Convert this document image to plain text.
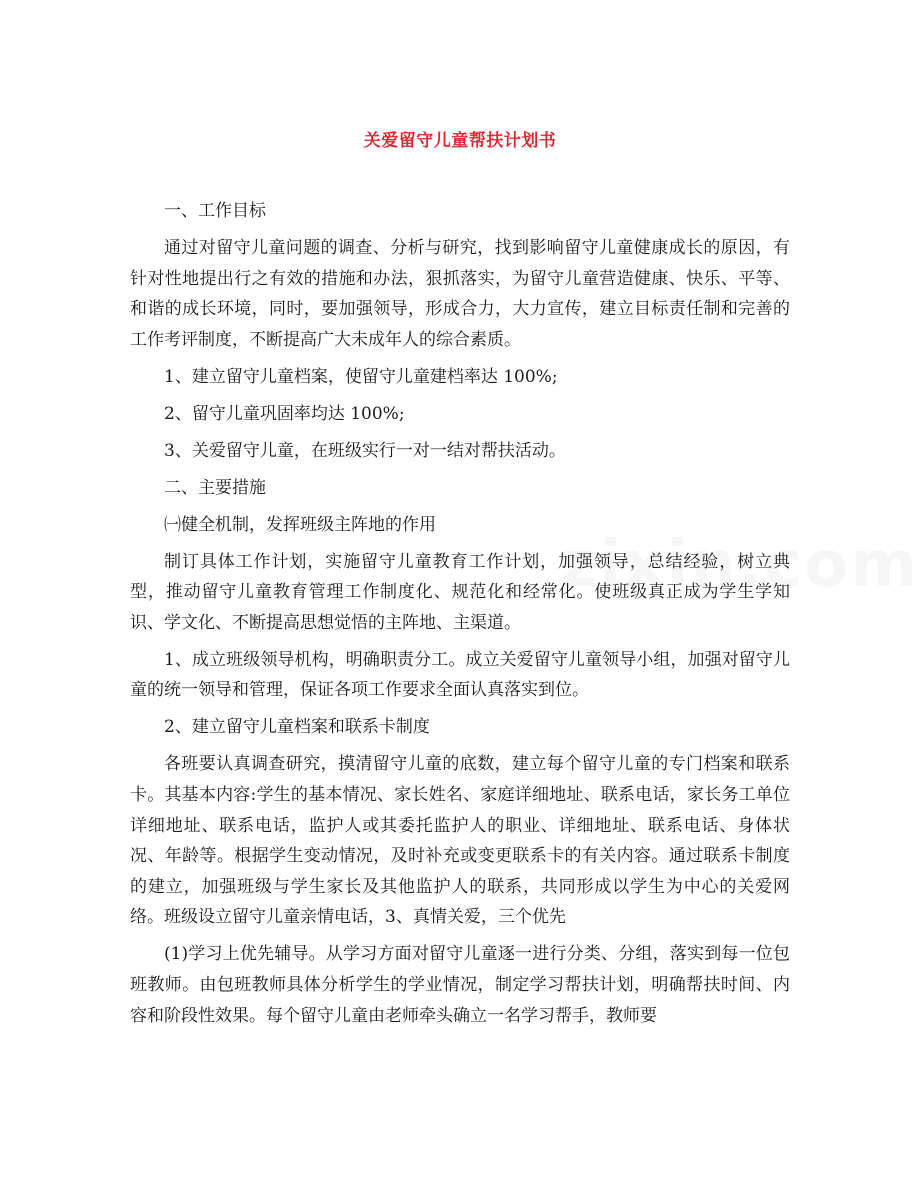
关爱留守儿童帮扶计划书

一、工作目标

通过对留守儿童问题的调查、分析与研究，找到影响留守儿童健康成长的原因，有针对性地提出行之有效的措施和办法，狠抓落实，为留守儿童营造健康、快乐、平等、和谐的成长环境，同时，要加强领导，形成合力，大力宣传，建立目标责任制和完善的工作考评制度，不断提高广大未成年人的综合素质。

1、建立留守儿童档案，使留守儿童建档率达 100%;

2、留守儿童巩固率均达 100%;

3、关爱留守儿童，在班级实行一对一结对帮扶活动。

二、主要措施

㈠健全机制，发挥班级主阵地的作用

制订具体工作计划，实施留守儿童教育工作计划，加强领导，总结经验，树立典型，推动留守儿童教育管理工作制度化、规范化和经常化。使班级真正成为学生学知识、学文化、不断提高思想觉悟的主阵地、主渠道。

1、成立班级领导机构，明确职责分工。成立关爱留守儿童领导小组，加强对留守儿童的统一领导和管理，保证各项工作要求全面认真落实到位。

2、建立留守儿童档案和联系卡制度

各班要认真调查研究，摸清留守儿童的底数，建立每个留守儿童的专门档案和联系卡。其基本内容:学生的基本情况、家长姓名、家庭详细地址、联系电话，家长务工单位详细地址、联系电话，监护人或其委托监护人的职业、详细地址、联系电话、身体状况、年龄等。根据学生变动情况，及时补充或变更联系卡的有关内容。通过联系卡制度的建立，加强班级与学生家长及其他监护人的联系，共同形成以学生为中心的关爱网络。班级设立留守儿童亲情电话，3、真情关爱，三个优先

(1)学习上优先辅导。从学习方面对留守儿童逐一进行分类、分组，落实到每一位包班教师。由包班教师具体分析学生的学业情况，制定学习帮扶计划，明确帮扶时间、内容和阶段性效果。每个留守儿童由老师牵头确立一名学习帮手，教师要
